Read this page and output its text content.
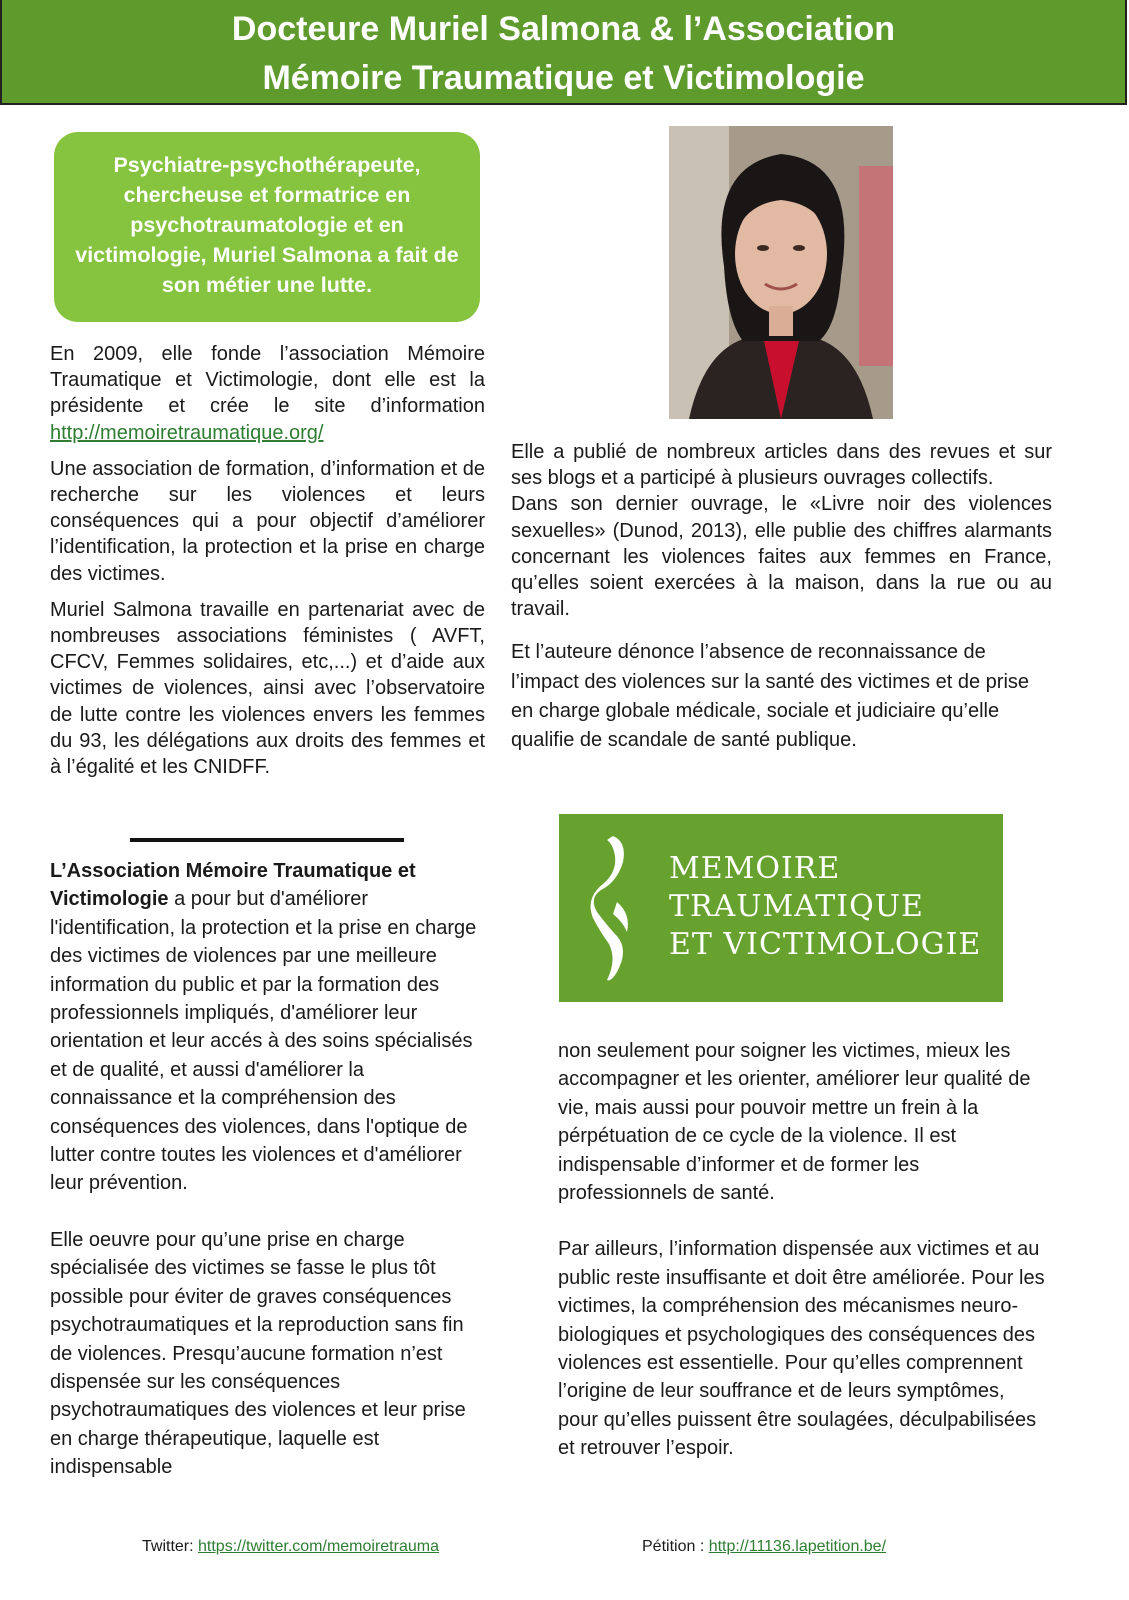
Docteure Muriel Salmona & l’Association
Mémoire Traumatique et Victimologie
Psychiatre-psychothérapeute, chercheuse et formatrice en psychotraumatologie et en victimologie, Muriel Salmona a fait de son métier une lutte.

En 2009, elle fonde l’association Mémoire Traumatique et Victimologie, dont elle est la présidente et crée le site d’information http://memoiretraumatique.org/

Une association de formation, d’information et de recherche sur les violences et leurs conséquences qui a pour objectif d’améliorer l’identification, la protection et la prise en charge des victimes.

Muriel Salmona travaille en partenariat avec de nombreuses associations féministes ( AVFT, CFCV, Femmes solidaires, etc,...) et d’aide aux victimes de violences, ainsi avec l’observatoire de lutte contre les violences envers les femmes du 93, les délégations aux droits des femmes et à l’égalité et les CNIDFF.

Elle a publié de nombreux articles dans des revues et sur ses blogs et a participé à plusieurs ouvrages collectifs.

Dans son dernier ouvrage, le «Livre noir des violences sexuelles» (Dunod, 2013), elle publie des chiffres alarmants concernant les violences faites aux femmes en France, qu’elles soient exercées à la maison, dans la rue ou au travail.

Et l’auteure dénonce l’absence de reconnaissance de l’impact des violences sur la santé des victimes et de prise en charge globale médicale, sociale et judiciaire qu’elle qualifie de scandale de santé publique.

L’Association Mémoire Traumatique et Victimologie a pour but d'améliorer l'identification, la protection et la prise en charge des victimes de violences par une meilleure information du public et par la formation des professionnels impliqués, d'améliorer leur orientation et leur accés à des soins spécialisés et de qualité, et aussi d'améliorer la connaissance et la compréhension des conséquences des violences, dans l'optique de lutter contre toutes les violences et d'améliorer leur prévention.

Elle oeuvre pour qu’une prise en charge spécialisée des victimes se fasse le plus tôt possible pour éviter de graves conséquences psychotraumatiques et la reproduction sans fin de violences. Presqu’aucune formation n’est dispensée sur les conséquences psychotraumatiques des violences et leur prise en charge thérapeutique, laquelle est indispensable

MEMOIRE
TRAUMATIQUE
ET VICTIMOLOGIE

non seulement pour soigner les victimes, mieux les accompagner et les orienter, améliorer leur qualité de vie, mais aussi pour pouvoir mettre un frein à la pérpétuation de ce cycle de la violence. Il est indispensable d’informer et de former les professionnels de santé.

Par ailleurs, l’information dispensée aux victimes et au public reste insuffisante et doit être améliorée. Pour les victimes, la compréhension des mécanismes neuro-biologiques et psychologiques des conséquences des violences est essentielle. Pour qu’elles comprennent l’origine de leur souffrance et de leurs symptômes, pour qu’elles puissent être soulagées, déculpabilisées et retrouver l’espoir.

Twitter: https://twitter.com/memoiretrauma	Pétition : http://11136.lapetition.be/
